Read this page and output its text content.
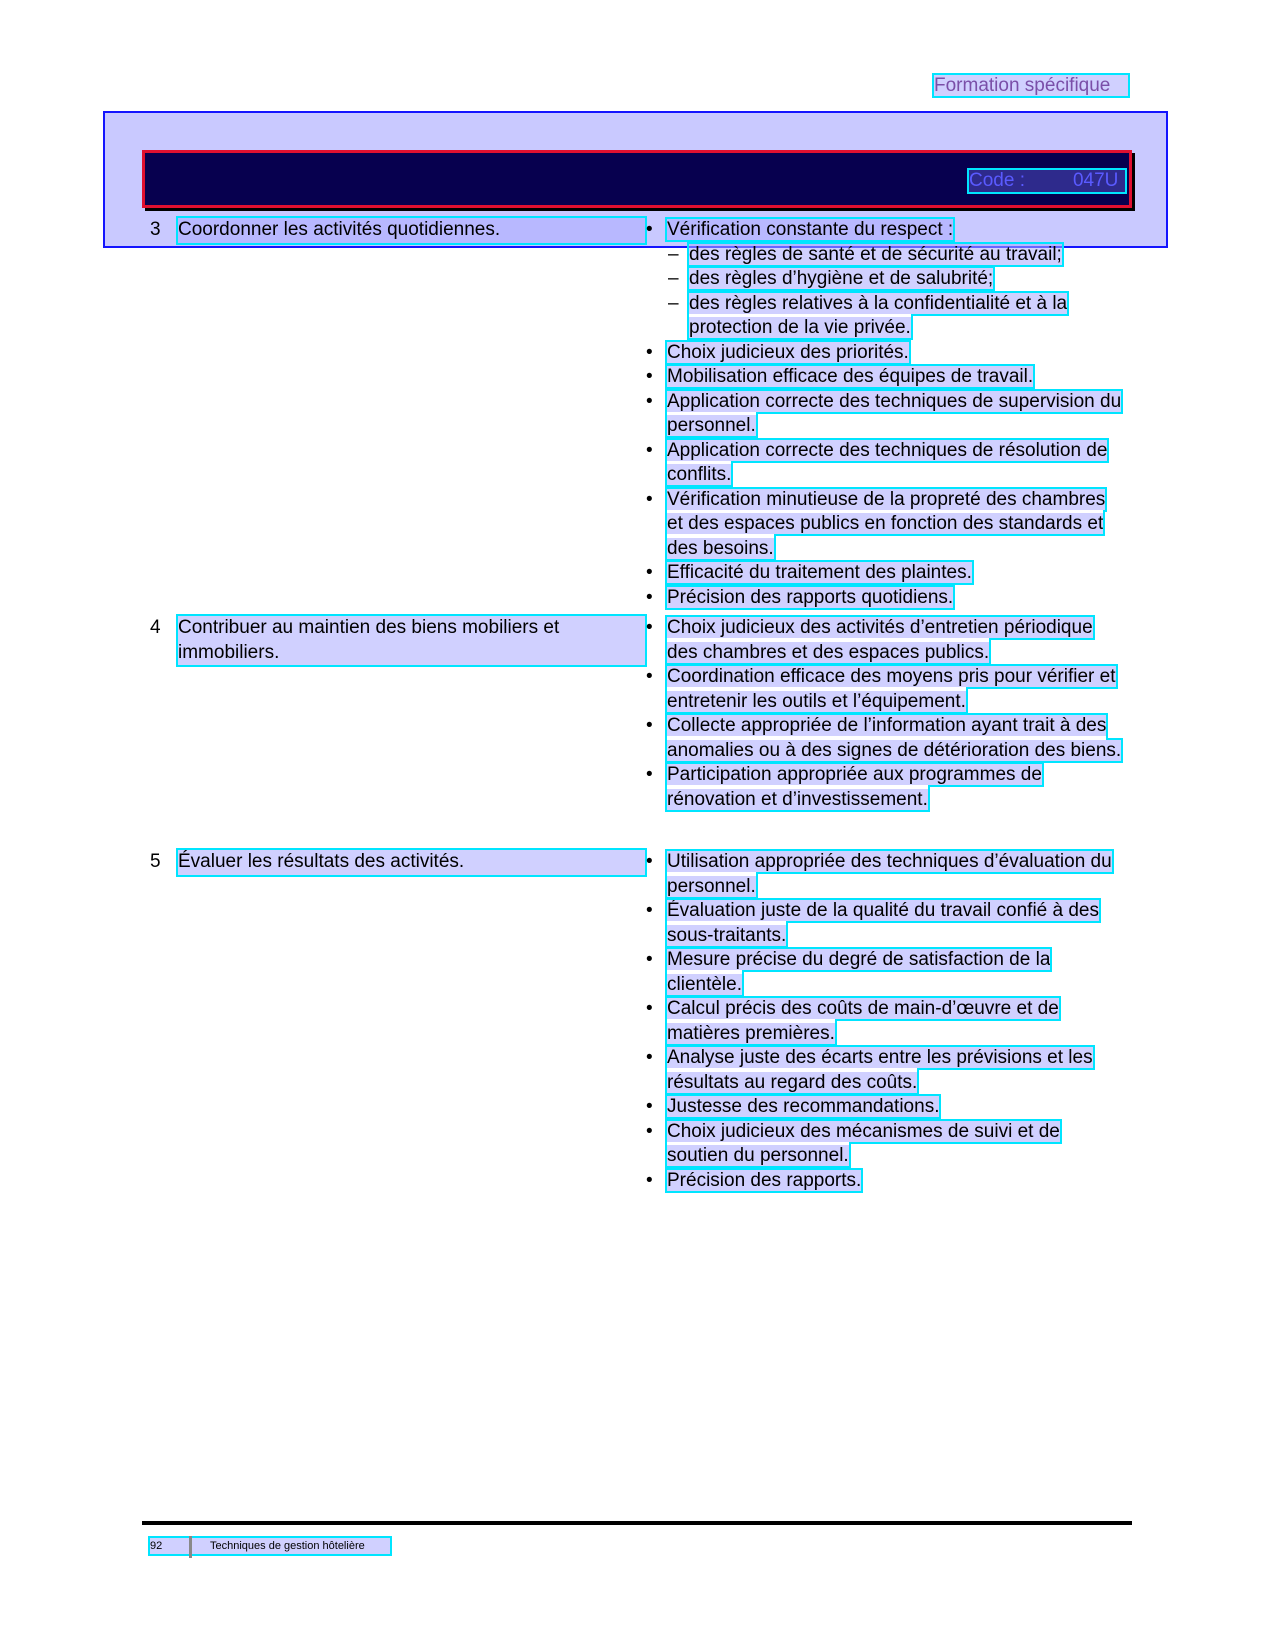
Formation spécifique
Code :	047U
3 Coordonner les activités quotidiennes.	• Vérification constante du respect :
– des règles de santé et de sécurité au travail;
– des règles d’hygiène et de salubrité;
– des règles relatives à la confidentialité et à la protection de la vie privée.
• Choix judicieux des priorités.
• Mobilisation efficace des équipes de travail.
• Application correcte des techniques de supervision du personnel.
• Application correcte des techniques de résolution de conflits.
• Vérification minutieuse de la propreté des chambres et des espaces publics en fonction des standards et des besoins.
• Efficacité du traitement des plaintes.
• Précision des rapports quotidiens.
4 Contribuer au maintien des biens mobiliers et immobiliers.
• Choix judicieux des activités d’entretien périodique des chambres et des espaces publics.
• Coordination efficace des moyens pris pour vérifier et entretenir les outils et l’équipement.
• Collecte appropriée de l’information ayant trait à des anomalies ou à des signes de détérioration des biens.
• Participation appropriée aux programmes de rénovation et d’investissement.
5 Évaluer les résultats des activités.	• Utilisation appropriée des techniques d’évaluation du personnel.
• Évaluation juste de la qualité du travail confié à des sous-traitants.
• Mesure précise du degré de satisfaction de la clientèle.
• Calcul précis des coûts de main-d’œuvre et de matières premières.
• Analyse juste des écarts entre les prévisions et les résultats au regard des coûts.
• Justesse des recommandations.
• Choix judicieux des mécanismes de suivi et de soutien du personnel.
• Précision des rapports.
92	Techniques de gestion hôtelière
